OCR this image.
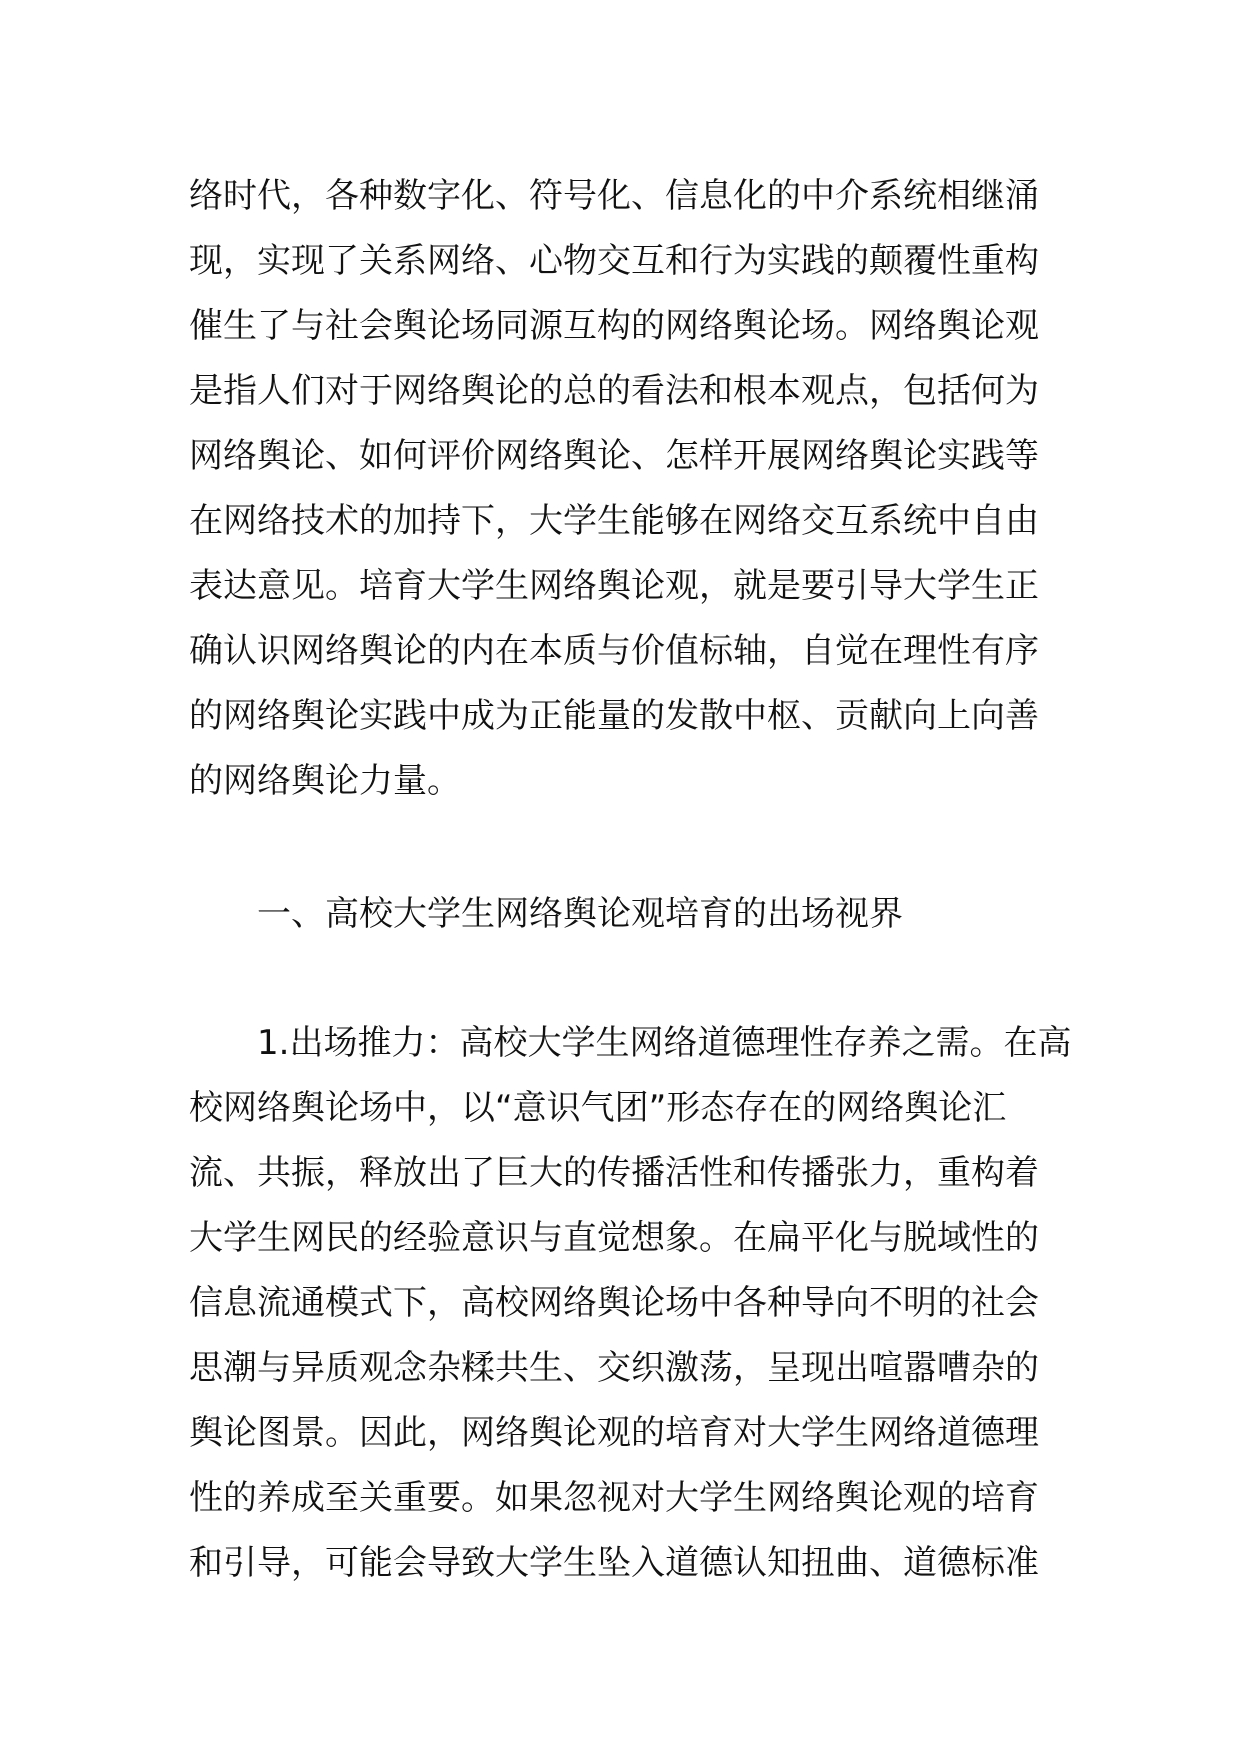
络时代，各种数字化、符号化、信息化的中介系统相继涌
现，实现了关系网络、心物交互和行为实践的颠覆性重构
催生了与社会舆论场同源互构的网络舆论场。网络舆论观
是指人们对于网络舆论的总的看法和根本观点，包括何为
网络舆论、如何评价网络舆论、怎样开展网络舆论实践等
在网络技术的加持下，大学生能够在网络交互系统中自由
表达意见。培育大学生网络舆论观，就是要引导大学生正
确认识网络舆论的内在本质与价值标轴，自觉在理性有序
的网络舆论实践中成为正能量的发散中枢、贡献向上向善
的网络舆论力量。
一、高校大学生网络舆论观培育的出场视界
1.出场推力：高校大学生网络道德理性存养之需。在高
校网络舆论场中，以“意识气团”形态存在的网络舆论汇
流、共振，释放出了巨大的传播活性和传播张力，重构着
大学生网民的经验意识与直觉想象。在扁平化与脱域性的
信息流通模式下，高校网络舆论场中各种导向不明的社会
思潮与异质观念杂糅共生、交织激荡，呈现出喧嚣嘈杂的
舆论图景。因此，网络舆论观的培育对大学生网络道德理
性的养成至关重要。如果忽视对大学生网络舆论观的培育
和引导，可能会导致大学生坠入道德认知扭曲、道德标准
